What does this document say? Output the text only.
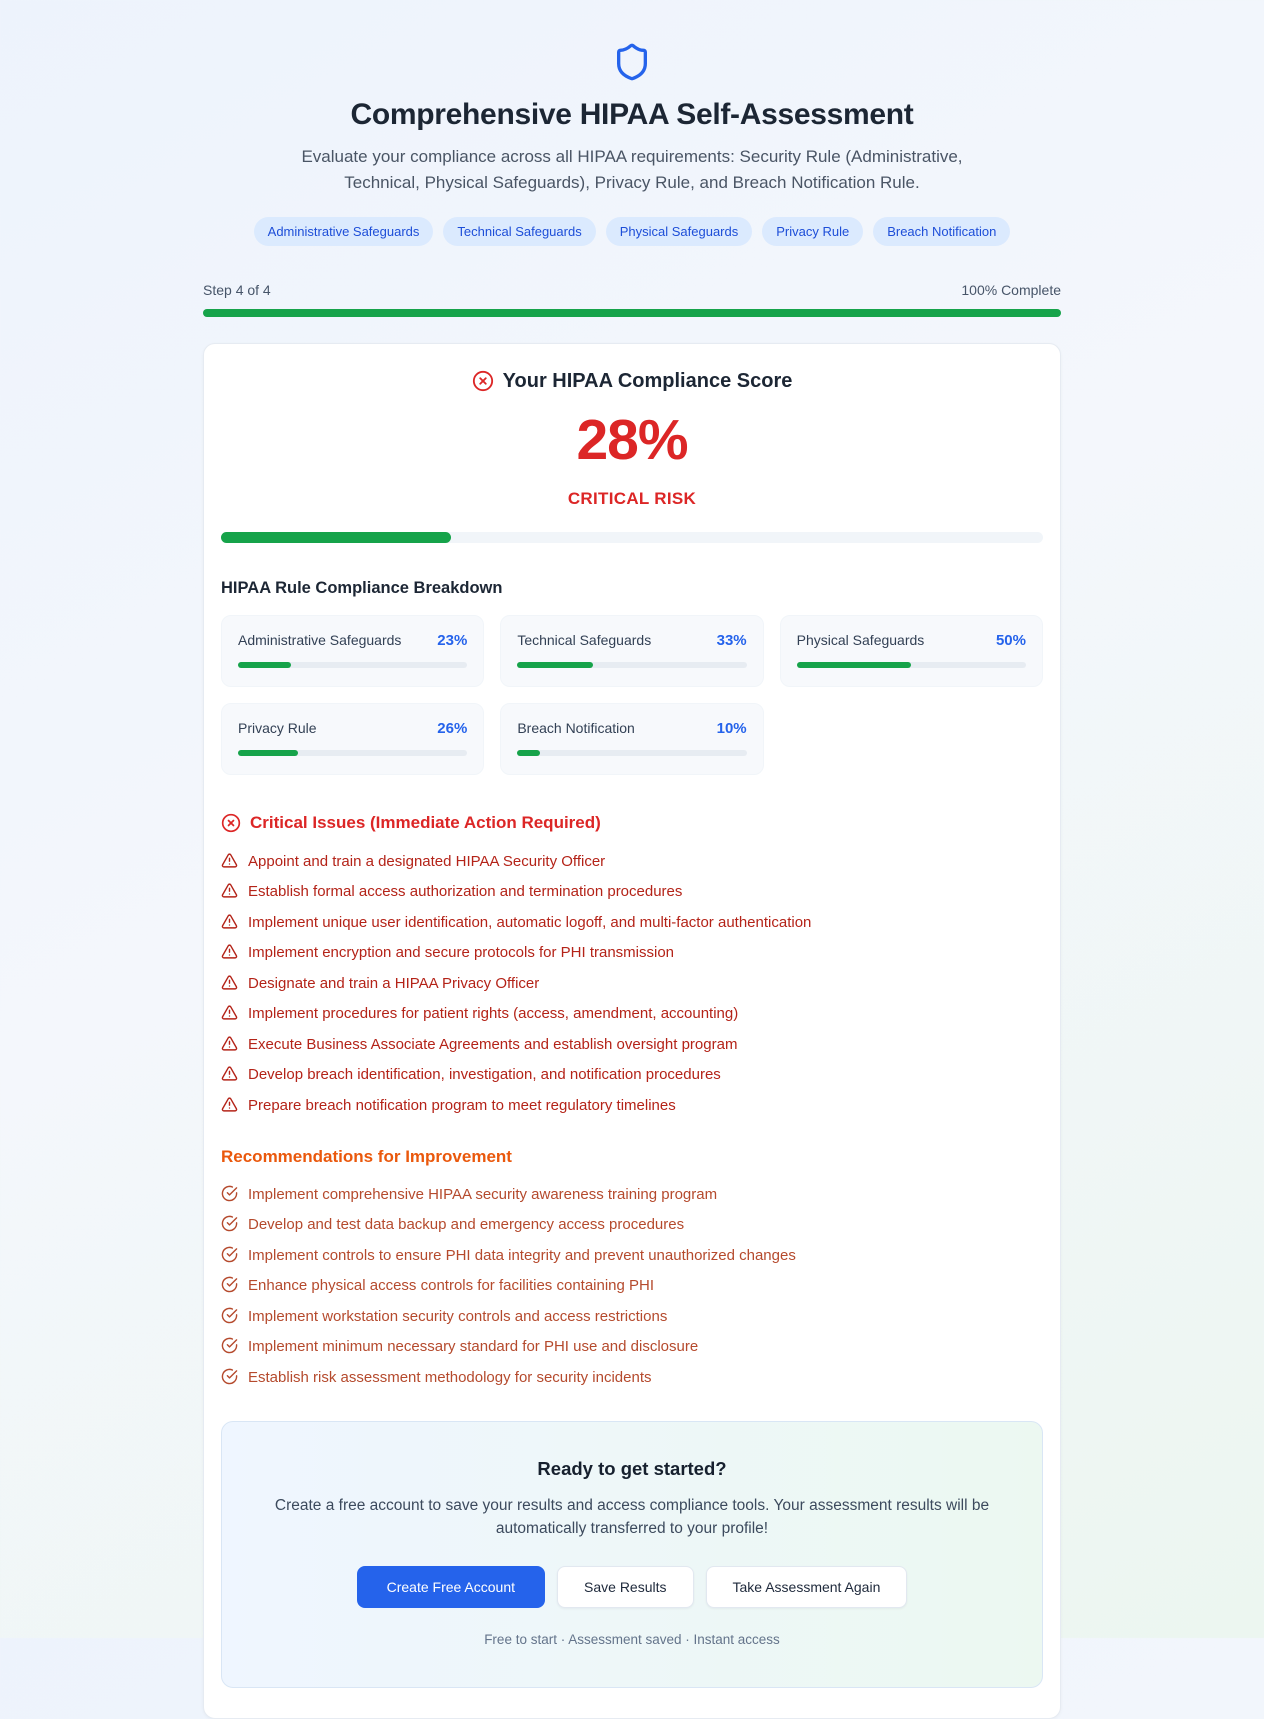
Comprehensive HIPAA Self-Assessment

Evaluate your compliance across all HIPAA requirements: Security Rule (Administrative, Technical, Physical Safeguards), Privacy Rule, and Breach Notification Rule.

Administrative Safeguards	Technical Safeguards	Physical Safeguards	Privacy Rule	Breach Notification
Step 4 of 4	100% Complete
Your HIPAA Compliance Score
28%
CRITICAL RISK
HIPAA Rule Compliance Breakdown
Administrative Safeguards 23%	Technical Safeguards	33%	Physical Safeguards	50%
Privacy Rule	26%	Breach Notification	10%
Critical Issues (Immediate Action Required)
Appoint and train a designated HIPAA Security Officer
Establish formal access authorization and termination procedures
Implement unique user identification, automatic logoff, and multi-factor authentication
Implement encryption and secure protocols for PHI transmission
Designate and train a HIPAA Privacy Officer
Implement procedures for patient rights (access, amendment, accounting)
Execute Business Associate Agreements and establish oversight program
Develop breach identification, investigation, and notification procedures
Prepare breach notification program to meet regulatory timelines
Recommendations for Improvement
Implement comprehensive HIPAA security awareness training program
Develop and test data backup and emergency access procedures
Implement controls to ensure PHI data integrity and prevent unauthorized changes
Enhance physical access controls for facilities containing PHI
Implement workstation security controls and access restrictions
Implement minimum necessary standard for PHI use and disclosure
Establish risk assessment methodology for security incidents
Ready to get started?

Create a free account to save your results and access compliance tools. Your assessment results will be automatically transferred to your profile!

Create Free Account	Save Results	Take Assessment Again
Free to start · Assessment saved · Instant access
